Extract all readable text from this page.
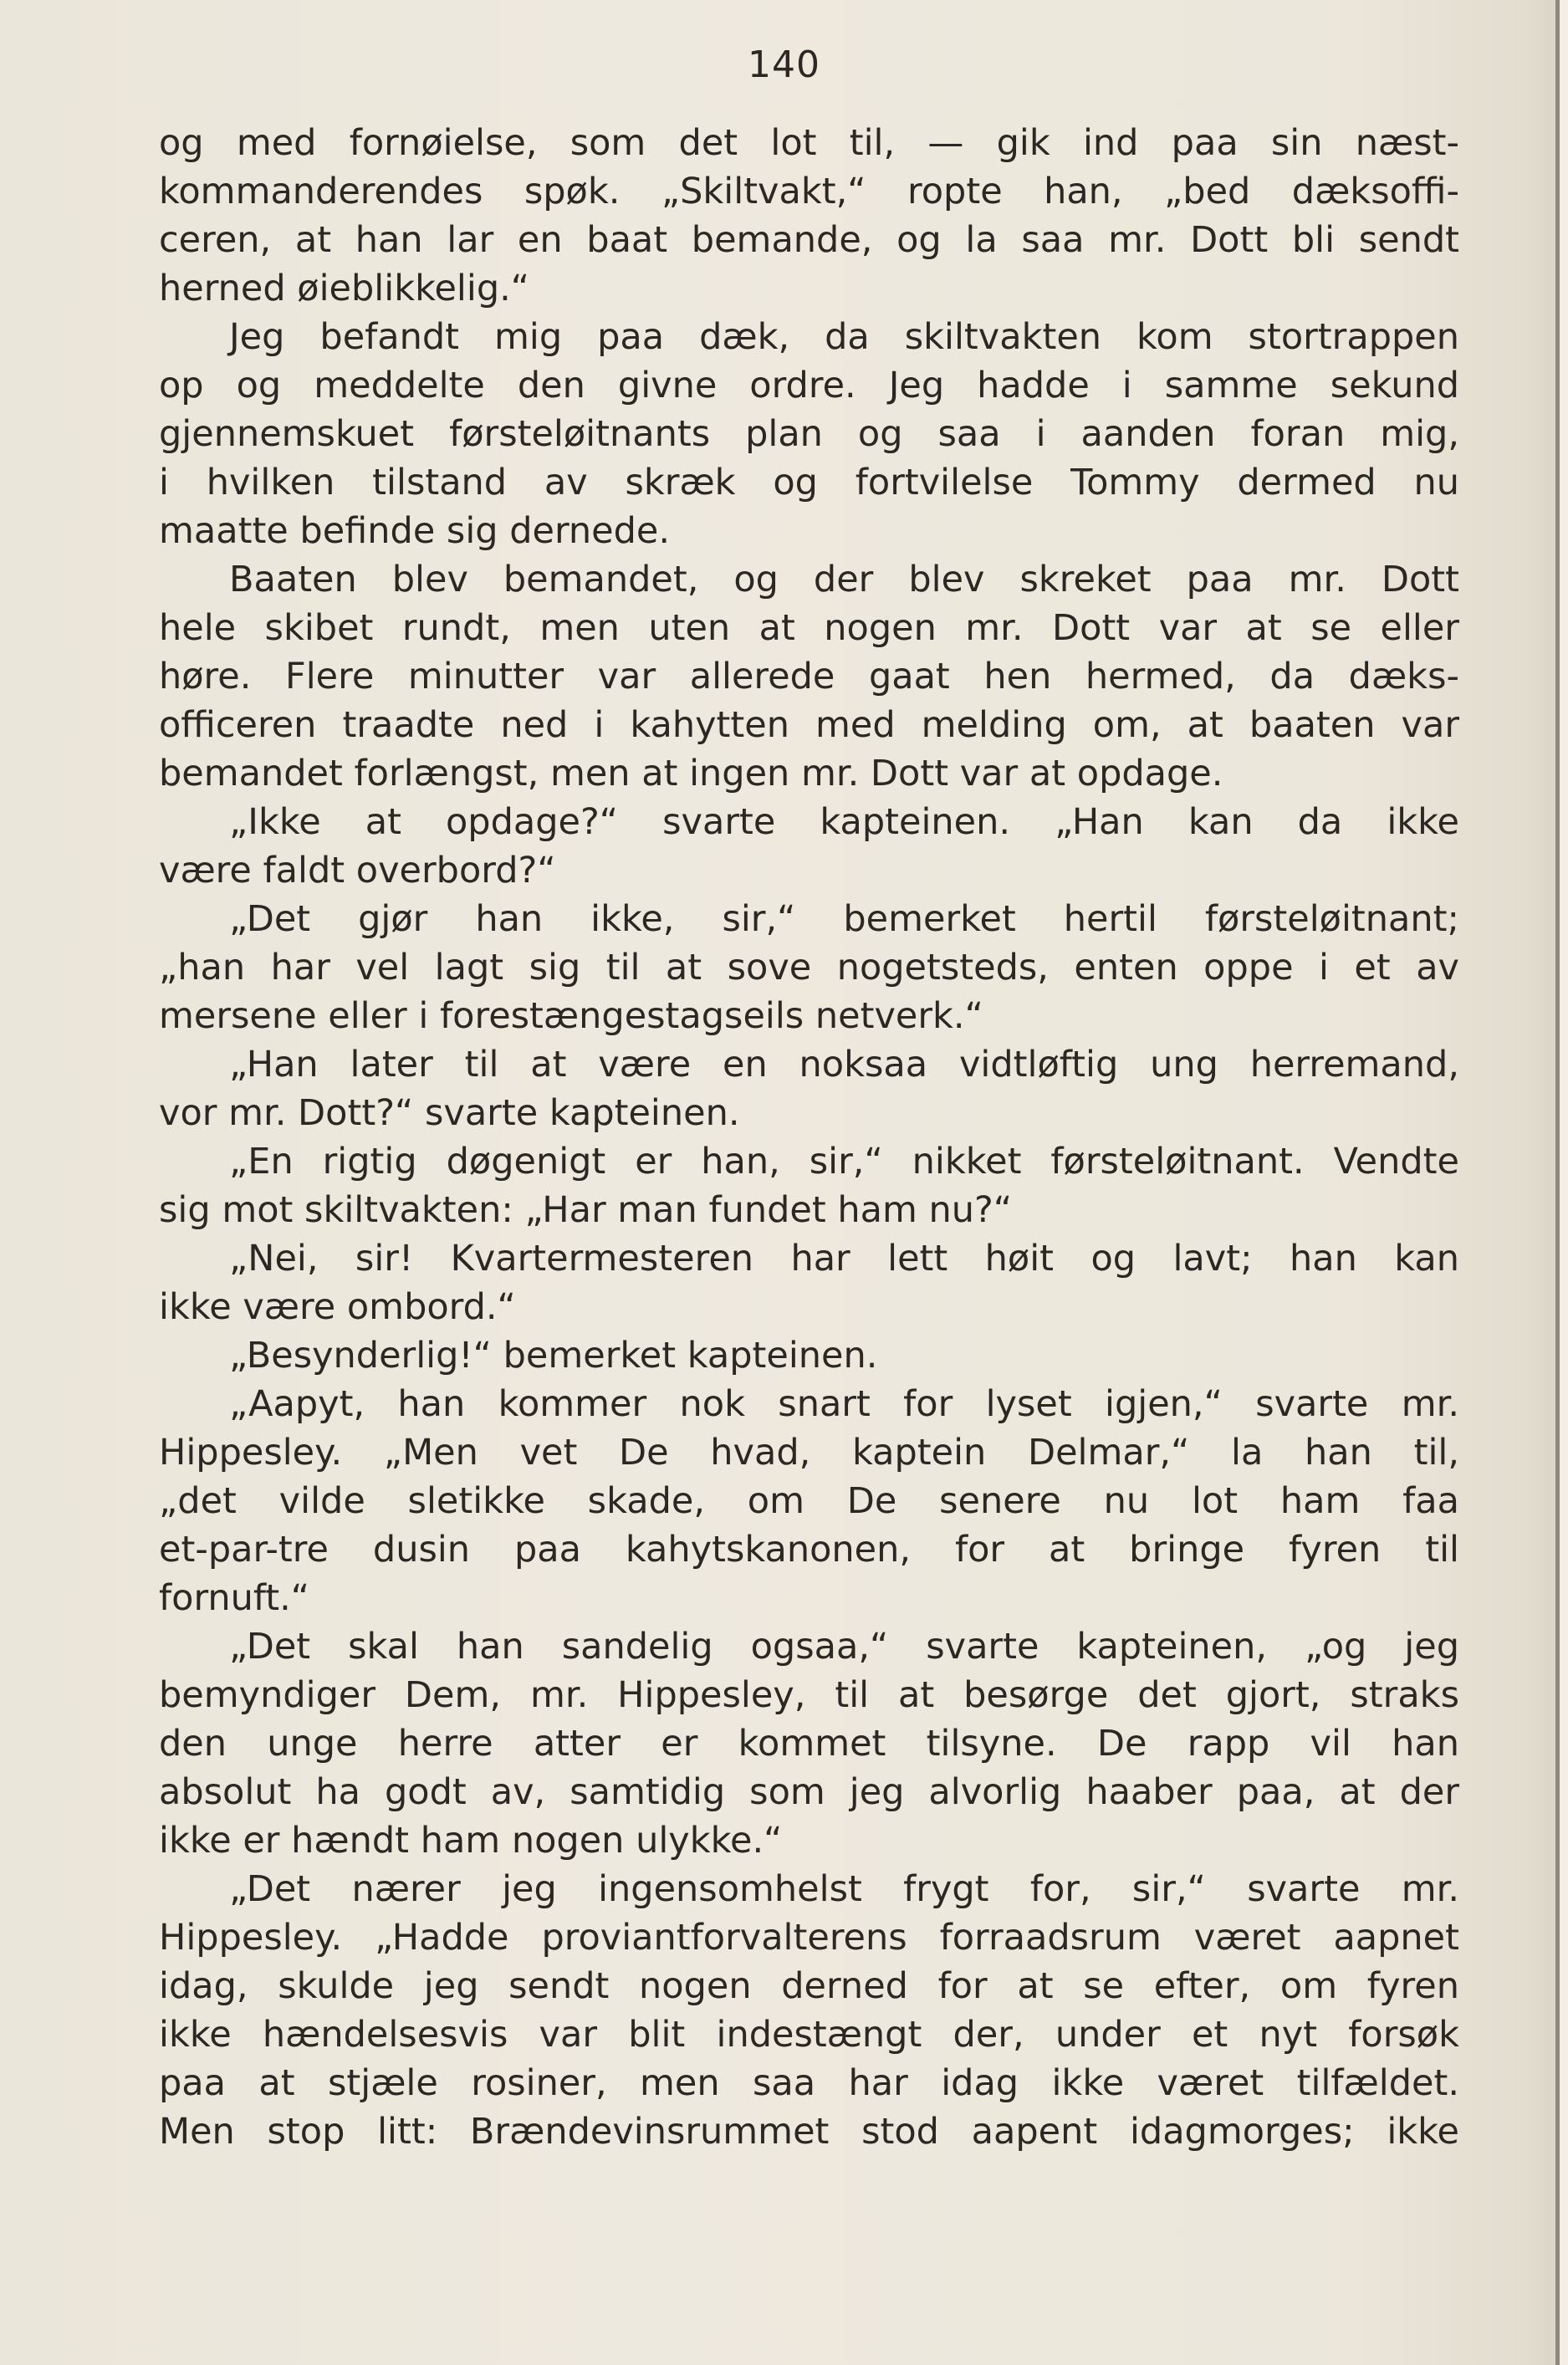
140
og med fornøielse, som det lot til, — gik ind paa sin næst-
kommanderendes spøk. „Skiltvakt,“ ropte han, „bed dæksoffi-
ceren, at han lar en baat bemande, og la saa mr. Dott bli sendt
herned øieblikkelig.“
Jeg befandt mig paa dæk, da skiltvakten kom stortrappen
op og meddelte den givne ordre. Jeg hadde i samme sekund
gjennemskuet førsteløitnants plan og saa i aanden foran mig,
i hvilken tilstand av skræk og fortvilelse Tommy dermed nu
maatte befinde sig dernede.
Baaten blev bemandet, og der blev skreket paa mr. Dott
hele skibet rundt, men uten at nogen mr. Dott var at se eller
høre. Flere minutter var allerede gaat hen hermed, da dæks-
officeren traadte ned i kahytten med melding om, at baaten var
bemandet forlængst, men at ingen mr. Dott var at opdage.
„Ikke at opdage?“ svarte kapteinen. „Han kan da ikke
være faldt overbord?“
„Det gjør han ikke, sir,“ bemerket hertil førsteløitnant;
„han har vel lagt sig til at sove nogetsteds, enten oppe i et av
mersene eller i forestængestagseils netverk.“
„Han later til at være en noksaa vidtløftig ung herremand,
vor mr. Dott?“ svarte kapteinen.
„En rigtig døgenigt er han, sir,“ nikket førsteløitnant. Vendte
sig mot skiltvakten: „Har man fundet ham nu?“
„Nei, sir! Kvartermesteren har lett høit og lavt; han kan
ikke være ombord.“
„Besynderlig!“ bemerket kapteinen.
„Aapyt, han kommer nok snart for lyset igjen,“ svarte mr.
Hippesley. „Men vet De hvad, kaptein Delmar,“ la han til,
„det vilde sletikke skade, om De senere nu lot ham faa
et-par-tre dusin paa kahytskanonen, for at bringe fyren til
fornuft.“
„Det skal han sandelig ogsaa,“ svarte kapteinen, „og jeg
bemyndiger Dem, mr. Hippesley, til at besørge det gjort, straks
den unge herre atter er kommet tilsyne. De rapp vil han
absolut ha godt av, samtidig som jeg alvorlig haaber paa, at der
ikke er hændt ham nogen ulykke.“
„Det nærer jeg ingensomhelst frygt for, sir,“ svarte mr.
Hippesley. „Hadde proviantforvalterens forraadsrum været aapnet
idag, skulde jeg sendt nogen derned for at se efter, om fyren
ikke hændelsesvis var blit indestængt der, under et nyt forsøk
paa at stjæle rosiner, men saa har idag ikke været tilfældet.
Men stop litt: Brændevinsrummet stod aapent idagmorges; ikke
